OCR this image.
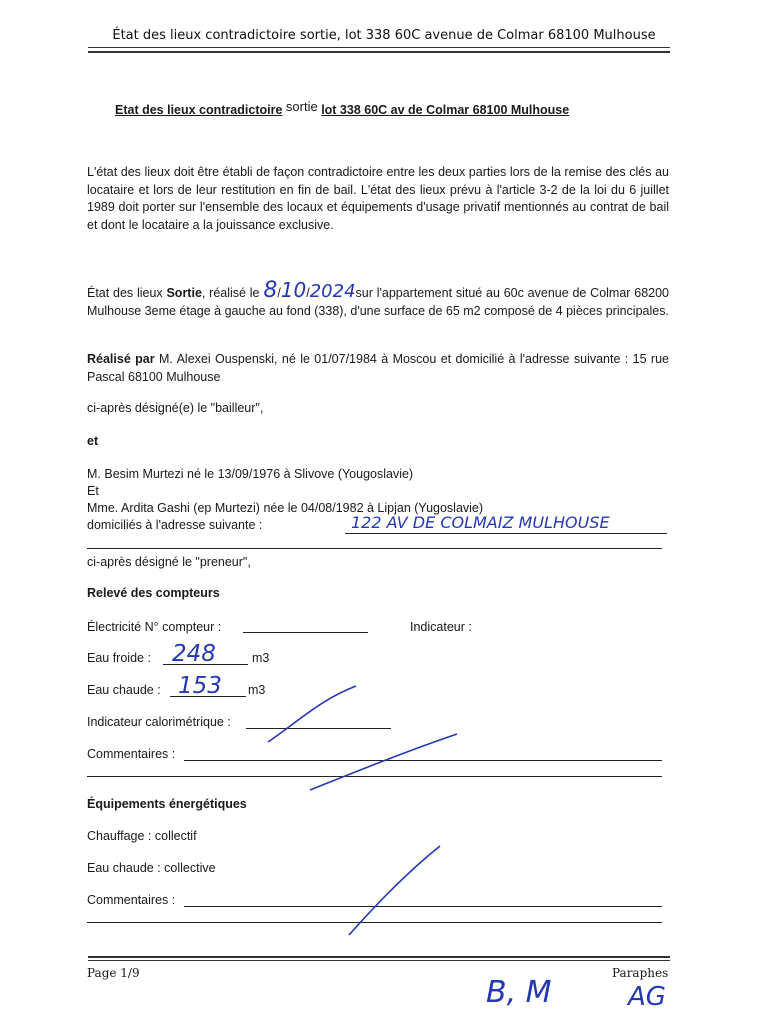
État des lieux contradictoire sortie, lot 338 60C avenue de Colmar 68100 Mulhouse
Etat des lieux contradictoire sortie lot 338 60C av de Colmar 68100 Mulhouse
L'état des lieux doit être établi de façon contradictoire entre les deux parties lors de la remise des clés au locataire et lors de leur restitution en fin de bail. L'état des lieux prévu à l'article 3-2 de la loi du 6 juillet 1989 doit porter sur l'ensemble des locaux et équipements d'usage privatif mentionnés au contrat de bail et dont le locataire a la jouissance exclusive.
État des lieux Sortie, réalisé le 8/10/2024sur l'appartement situé au 60c avenue de Colmar 68200 Mulhouse 3eme étage à gauche au fond (338), d'une surface de 65 m2 composé de 4 pièces principales.
Réalisé par M. Alexei Ouspenski, né le 01/07/1984 à Moscou et domicilié à l'adresse suivante : 15 rue Pascal 68100 Mulhouse
ci-après désigné(e) le "bailleur",
et
M. Besim Murtezi né le 13/09/1976 à Slivove (Yougoslavie)
Et
Mme. Ardita Gashi (ep Murtezi) née le 04/08/1982 à Lipjan (Yugoslavie)
domiciliés à l'adresse suivante :	122 AV DE COLMAIZ MULHOUSE
ci-après désigné le "preneur",
Relevé des compteurs
Électricité N° compteur :	Indicateur :
Eau froide : 248	m3
Eau chaude : 153 m3
Indicateur calorimétrique :
Commentaires :
Équipements énergétiques
Chauffage : collectif
Eau chaude : collective
Commentaires :
Page 1/9	Paraphes
B, M	AG
